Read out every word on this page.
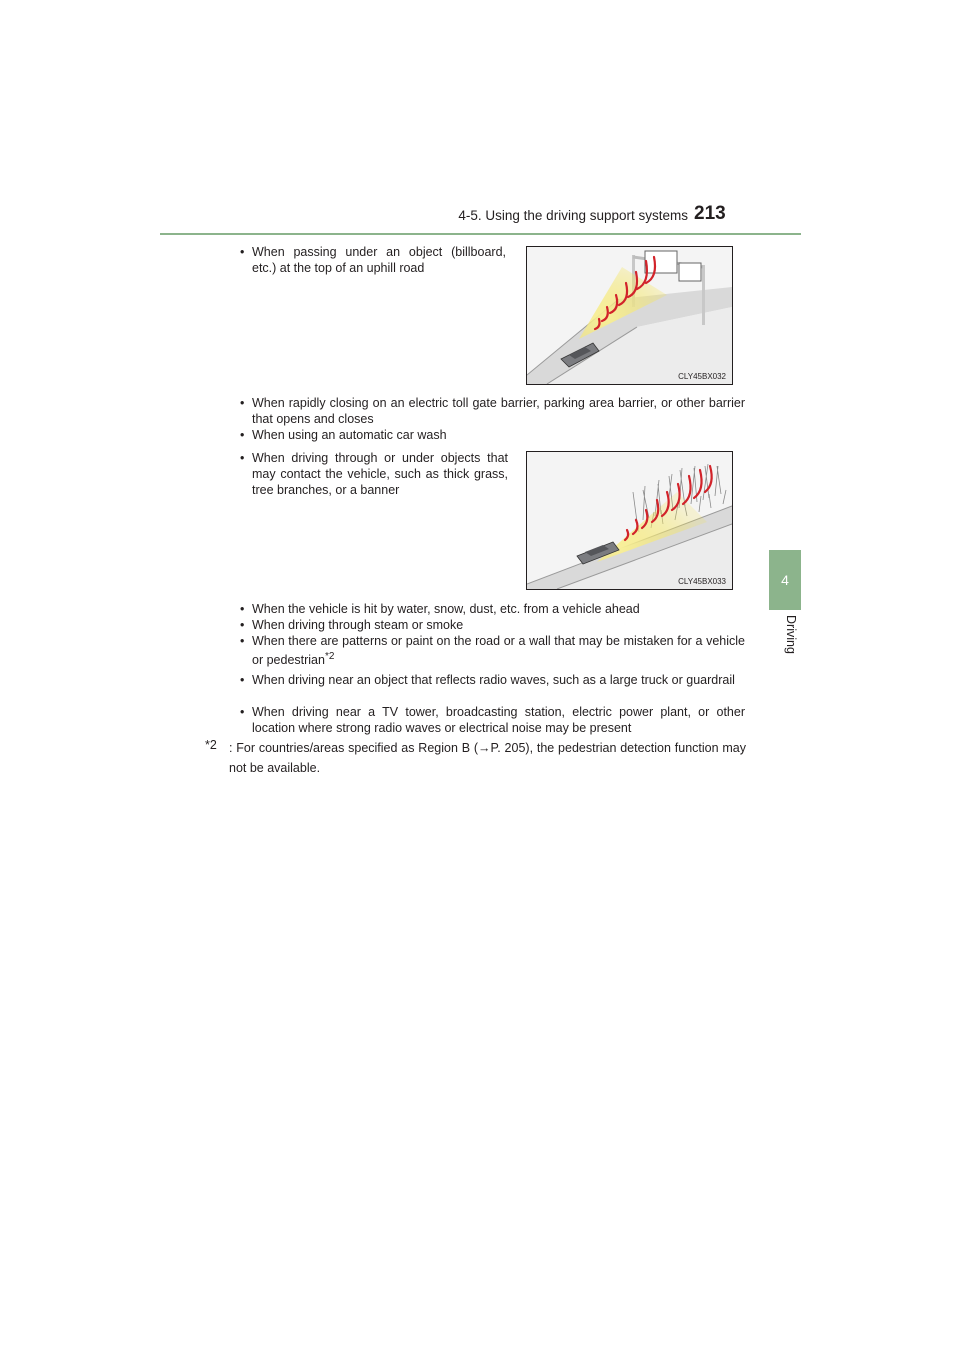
4-5. Using the driving support systems 213
4
Driving
• When passing under an object (billboard, etc.) at the top of an uphill road
CLY45BX032
• When rapidly closing on an electric toll gate barrier, parking area barrier, or other barrier that opens and closes
• When using an automatic car wash
• When driving through or under objects that may contact the vehicle, such as thick grass, tree branches, or a banner
CLY45BX033
• When the vehicle is hit by water, snow, dust, etc. from a vehicle ahead
• When driving through steam or smoke
• When there are patterns or paint on the road or a wall that may be mistaken for a vehicle or pedestrian$^{*2}$
• When driving near an object that reflects radio waves, such as a large truck or guardrail
• When driving near a TV tower, broadcasting station, electric power plant, or other location where strong radio waves or electrical noise may be present
*2 : For countries/areas specified as Region B (→P. 205), the pedestrian detection function may not be available.
